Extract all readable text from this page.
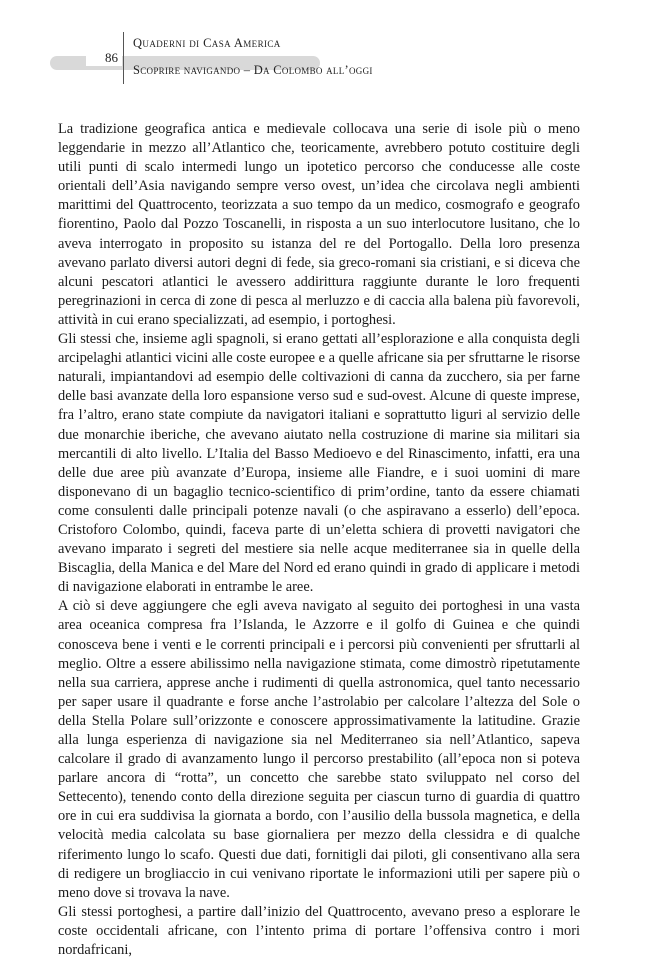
86
Quaderni di Casa America
Scoprire navigando – Da Colombo all’oggi

La tradizione geografica antica e medievale collocava una serie di isole più o meno leggendarie in mezzo all’Atlantico che, teoricamente, avrebbero potuto costituire degli utili punti di scalo intermedi lungo un ipotetico percorso che conducesse alle coste orientali dell’Asia navigando sempre verso ovest, un’idea che circolava negli ambienti marittimi del Quattrocento, teorizzata a suo tempo da un medico, cosmografo e geografo fiorentino, Paolo dal Pozzo Toscanelli, in risposta a un suo interlocutore lusitano, che lo aveva interrogato in proposito su istanza del re del Portogallo. Della loro presenza avevano parlato diversi autori degni di fede, sia greco-romani sia cristiani, e si diceva che alcuni pescatori atlantici le avessero addirittura raggiunte durante le loro frequenti peregrinazioni in cerca di zone di pesca al merluzzo e di caccia alla balena più favorevoli, attività in cui erano specializzati, ad esempio, i portoghesi.

Gli stessi che, insieme agli spagnoli, si erano gettati all’esplorazione e alla conquista degli arcipelaghi atlantici vicini alle coste europee e a quelle africane sia per sfruttarne le risorse naturali, impiantandovi ad esempio delle coltivazioni di canna da zucchero, sia per farne delle basi avanzate della loro espansione verso sud e sud-ovest. Alcune di queste imprese, fra l’altro, erano state compiute da navigatori italiani e soprattutto liguri al servizio delle due monarchie iberiche, che avevano aiutato nella costruzione di marine sia militari sia mercantili di alto livello. L’Italia del Basso Medioevo e del Rinascimento, infatti, era una delle due aree più avanzate d’Europa, insieme alle Fiandre, e i suoi uomini di mare disponevano di un bagaglio tecnico-scientifico di prim’ordine, tanto da essere chiamati come consulenti dalle principali potenze navali (o che aspiravano a esserlo) dell’epoca. Cristoforo Colombo, quindi, faceva parte di un’eletta schiera di provetti navigatori che avevano imparato i segreti del mestiere sia nelle acque mediterranee sia in quelle della Biscaglia, della Manica e del Mare del Nord ed erano quindi in grado di applicare i metodi di navigazione elaborati in entrambe le aree.

A ciò si deve aggiungere che egli aveva navigato al seguito dei portoghesi in una vasta area oceanica compresa fra l’Islanda, le Azzorre e il golfo di Guinea e che quindi conosceva bene i venti e le correnti principali e i percorsi più convenienti per sfruttarli al meglio. Oltre a essere abilissimo nella navigazione stimata, come dimostrò ripetutamente nella sua carriera, apprese anche i rudimenti di quella astronomica, quel tanto necessario per saper usare il quadrante e forse anche l’astrolabio per calcolare l’altezza del Sole o della Stella Polare sull’orizzonte e conoscere approssimativamente la latitudine. Grazie alla lunga esperienza di navigazione sia nel Mediterraneo sia nell’Atlantico, sapeva calcolare il grado di avanzamento lungo il percorso prestabilito (all’epoca non si poteva parlare ancora di “rotta”, un concetto che sarebbe stato sviluppato nel corso del Settecento), tenendo conto della direzione seguita per ciascun turno di guardia di quattro ore in cui era suddivisa la giornata a bordo, con l’ausilio della bussola magnetica, e della velocità media calcolata su base giornaliera per mezzo della clessidra e di qualche riferimento lungo lo scafo. Questi due dati, fornitigli dai piloti, gli consentivano alla sera di redigere un brogliaccio in cui venivano riportate le informazioni utili per sapere più o meno dove si trovava la nave.

Gli stessi portoghesi, a partire dall’inizio del Quattrocento, avevano preso a esplorare le coste occidentali africane, con l’intento prima di portare l’offensiva contro i mori nordafricani,
